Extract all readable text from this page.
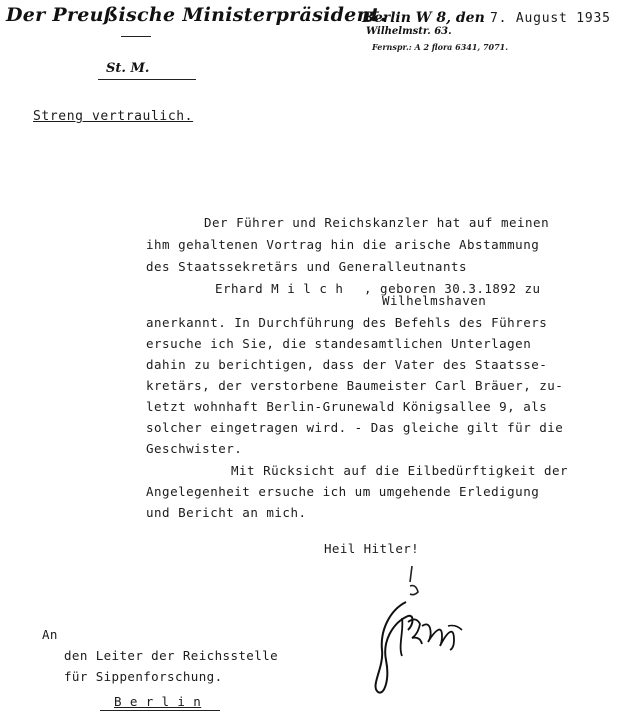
Der Preußische Ministerpräsident.
Berlin W 8, den 7. August 1935
Wilhelmstr. 63.
Fernspr.: A 2 flora 6341, 7071.
St. M.
Streng vertraulich.
Der Führer und Reichskanzler hat auf meinen
ihm gehaltenen Vortrag hin die arische Abstammung
des Staatssekretärs und Generalleutnants
Erhard M i l c h , geboren 30.3.1892 zu
Wilhelmshaven
anerkannt. In Durchführung des Befehls des Führers
ersuche ich Sie, die standesamtlichen Unterlagen
dahin zu berichtigen, dass der Vater des Staatsse-
kretärs, der verstorbene Baumeister Carl Bräuer, zu-
letzt wohnhaft Berlin-Grunewald Königsallee 9, als
solcher eingetragen wird. - Das gleiche gilt für die
Geschwister.
Mit Rücksicht auf die Eilbedürftigkeit der
Angelegenheit ersuche ich um umgehende Erledigung
und Bericht an mich.
Heil Hitler!
An
den Leiter der Reichsstelle
für Sippenforschung.
B e r l i n
